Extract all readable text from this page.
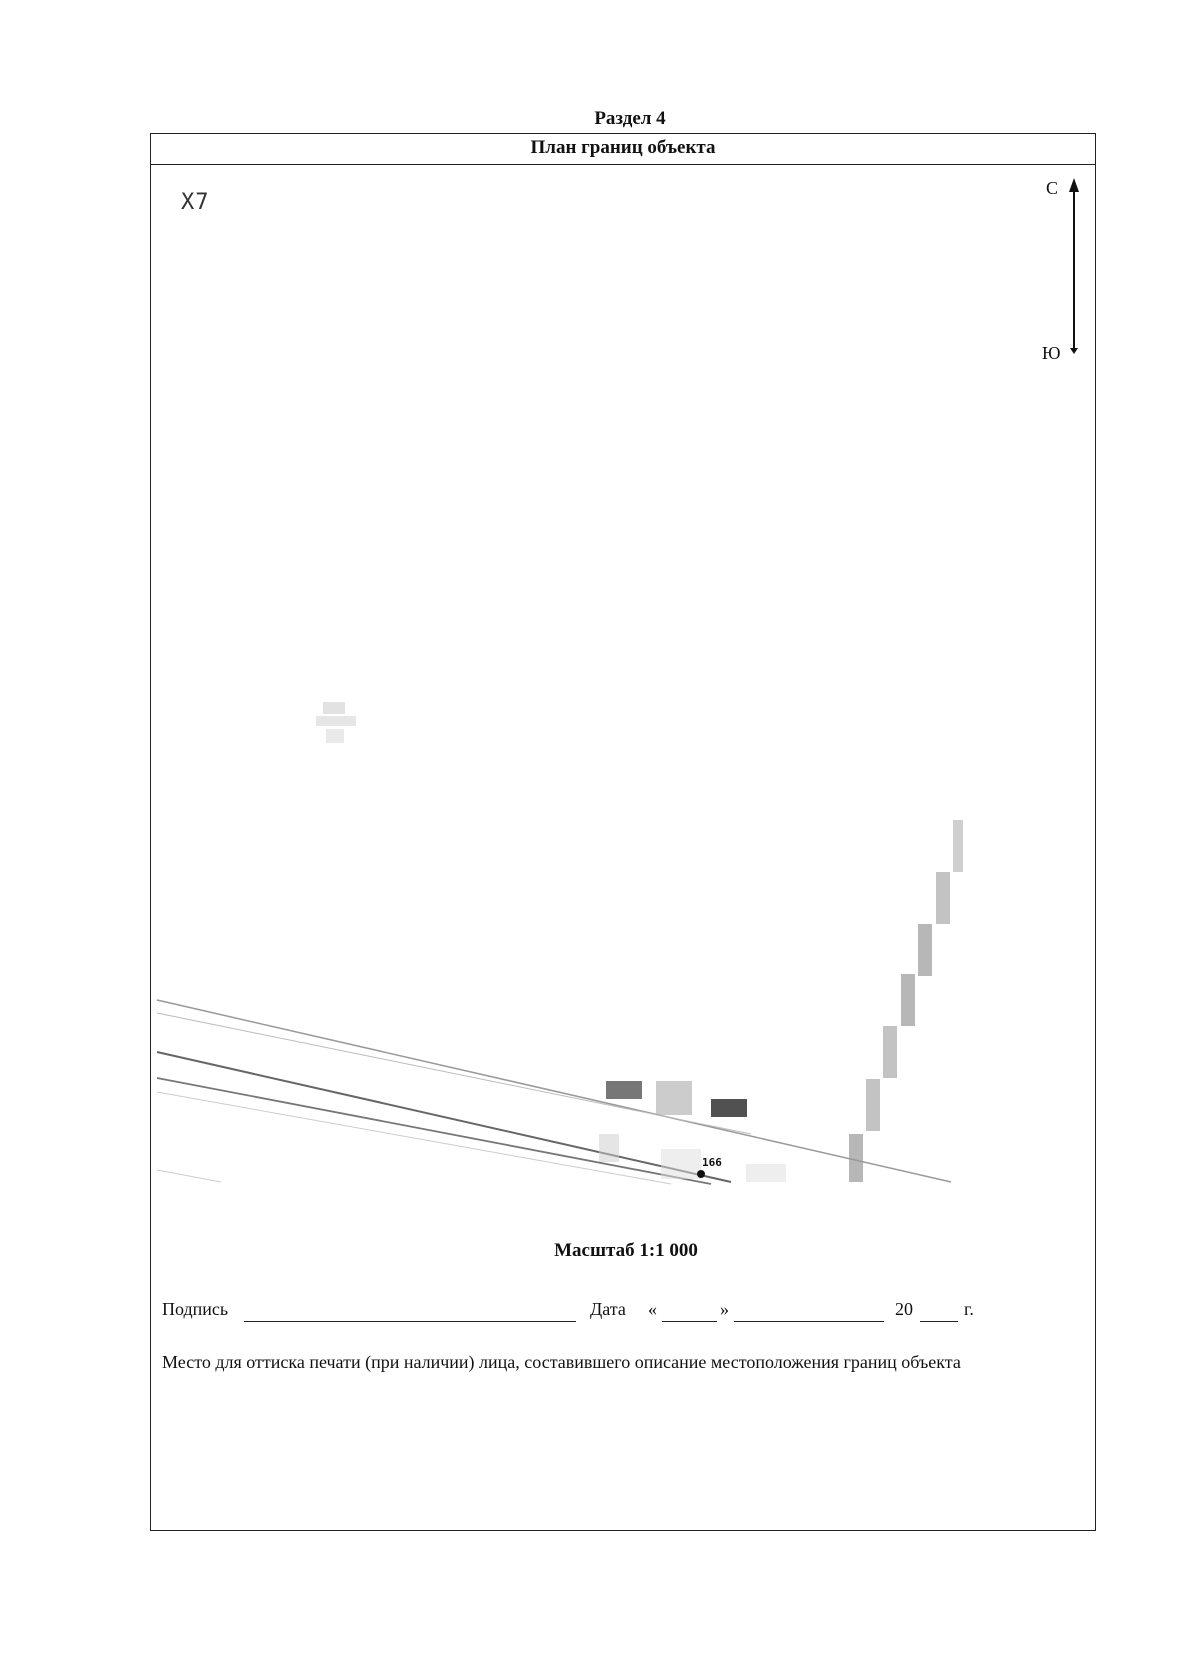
Раздел 4
План границ объекта
X7
С
Ю
166
Масштаб 1:1 000
Подпись	Дата «	»	20	г.
Место для оттиска печати (при наличии) лица, составившего описание местоположения границ объекта
